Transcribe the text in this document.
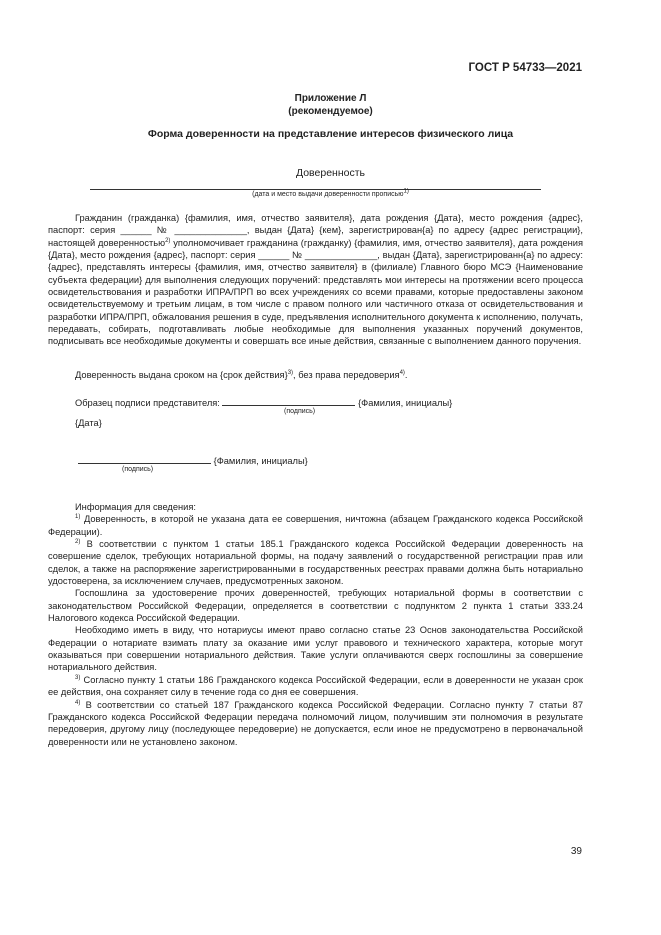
ГОСТ Р 54733—2021
Приложение Л
(рекомендуемое)
Форма доверенности на представление интересов физического лица
Доверенность
(дата и место выдачи доверенности прописью$^{1)}$

Гражданин (гражданка) {фамилия, имя, отчество заявителя}, дата рождения {Дата}, место рождения {адрес}, паспорт: серия ______ № ______________, выдан {Дата} {кем}, зарегистрирован{а} по адресу {адрес регистрации}, настоящей доверенностью$^{2)}$ уполномочивает гражданина (гражданку) {фамилия, имя, отчество заявителя}, дата рождения {Дата}, место рождения {адрес}, паспорт: серия ______ № ______________, выдан {Дата}, зарегистрированн{а} по адресу: {адрес}, представлять интересы {фамилия, имя, отчество заявителя} в (филиале) Главного бюро МСЭ {Наименование субъекта федерации} для выполнения следующих поручений: представлять мои интересы на протяжении всего процесса освидетельствования и разработки ИПРА/ПРП во всех учреждениях со всеми правами, которые предоставлены законом освидетельствуемому и третьим лицам, в том числе с правом полного или частичного отказа от освидетельствования и разработки ИПРА/ПРП, обжалования решения в суде, предъявления исполнительного документа к исполнению, получать, передавать, собирать, подготавливать любые необходимые для выполнения указанных поручений документов, подписывать все необходимые документы и совершать все иные действия, связанные с выполнением данного поручения.

Доверенность выдана сроком на {срок действия}$^{3)}$, без права передоверия$^{4)}$.
Образец подписи представителя:	{Фамилия, инициалы}
(подпись)
{Дата}
{Фамилия, инициалы}
(подпись)

Информация для сведения:

$^{1)}$ Доверенность, в которой не указана дата ее совершения, ничтожна (абзацем Гражданского кодекса Российской Федерации).

$^{2)}$ В соответствии с пунктом 1 статьи 185.1 Гражданского кодекса Российской Федерации доверенность на совершение сделок, требующих нотариальной формы, на подачу заявлений о государственной регистрации прав или сделок, а также на распоряжение зарегистрированными в государственных реестрах правами должна быть нотариально удостоверена, за исключением случаев, предусмотренных законом.

Госпошлина за удостоверение прочих доверенностей, требующих нотариальной формы в соответствии с законодательством Российской Федерации, определяется в соответствии с подпунктом 2 пункта 1 статьи 333.24 Налогового кодекса Российской Федерации.

Необходимо иметь в виду, что нотариусы имеют право согласно статье 23 Основ законодательства Российской Федерации о нотариате взимать плату за оказание ими услуг правового и технического характера, которые могут оказываться при совершении нотариального действия. Такие услуги оплачиваются сверх госпошлины за совершение нотариального действия.

$^{3)}$ Согласно пункту 1 статьи 186 Гражданского кодекса Российской Федерации, если в доверенности не указан срок ее действия, она сохраняет силу в течение года со дня ее совершения.

$^{4)}$ В соответствии со статьей 187 Гражданского кодекса Российской Федерации. Согласно пункту 7 статьи 87 Гражданского кодекса Российской Федерации передача полномочий лицом, получившим эти полномочия в результате передоверия, другому лицу (последующее передоверие) не допускается, если иное не предусмотрено в первоначальной доверенности или не установлено законом.

39
